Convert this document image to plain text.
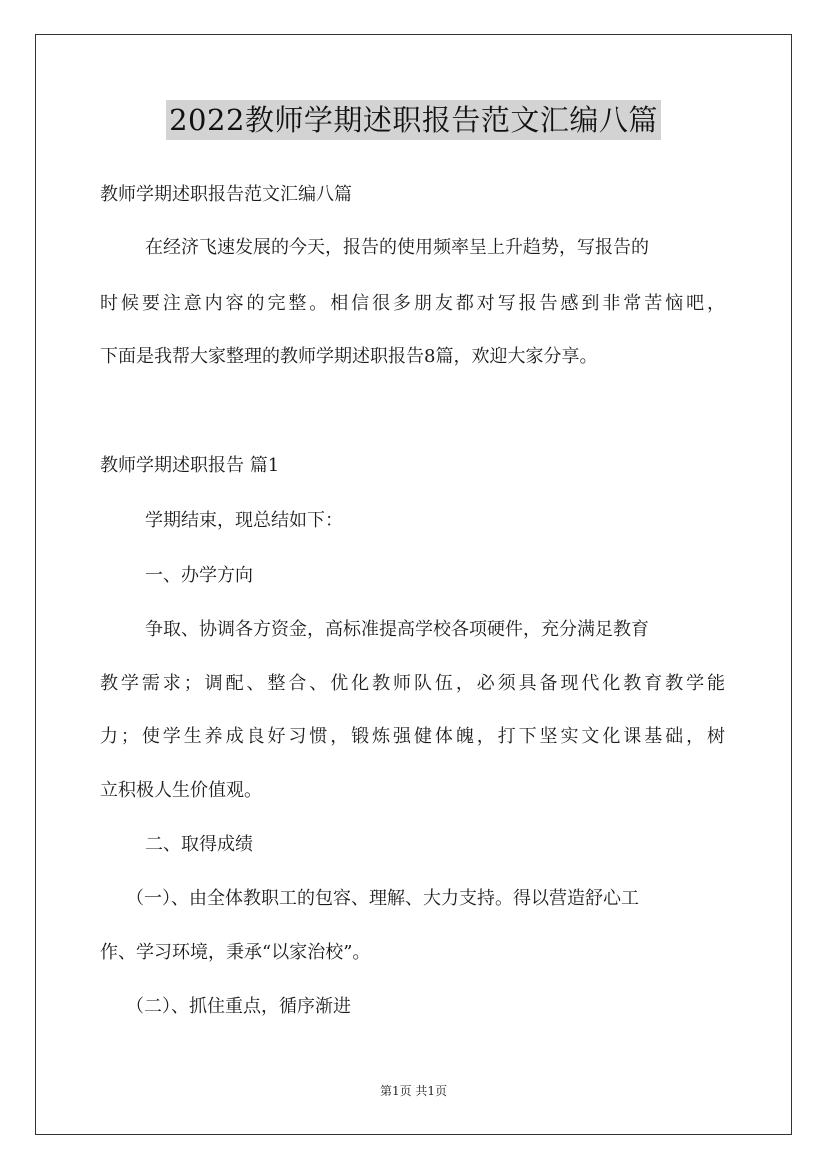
2022教师学期述职报告范文汇编八篇
教师学期述职报告范文汇编八篇
在经济飞速发展的今天，报告的使用频率呈上升趋势，写报告的
时候要注意内容的完整。相信很多朋友都对写报告感到非常苦恼吧，
下面是我帮大家整理的教师学期述职报告8篇，欢迎大家分享。
教师学期述职报告 篇1
学期结束，现总结如下：
一、办学方向
争取、协调各方资金，高标准提高学校各项硬件，充分满足教育
教学需求；调配、整合、优化教师队伍，必须具备现代化教育教学能
力；使学生养成良好习惯，锻炼强健体魄，打下坚实文化课基础，树
立积极人生价值观。
二、取得成绩
（一）、由全体教职工的包容、理解、大力支持。得以营造舒心工
作、学习环境，秉承“以家治校”。
（二）、抓住重点，循序渐进
第1页 共1页
